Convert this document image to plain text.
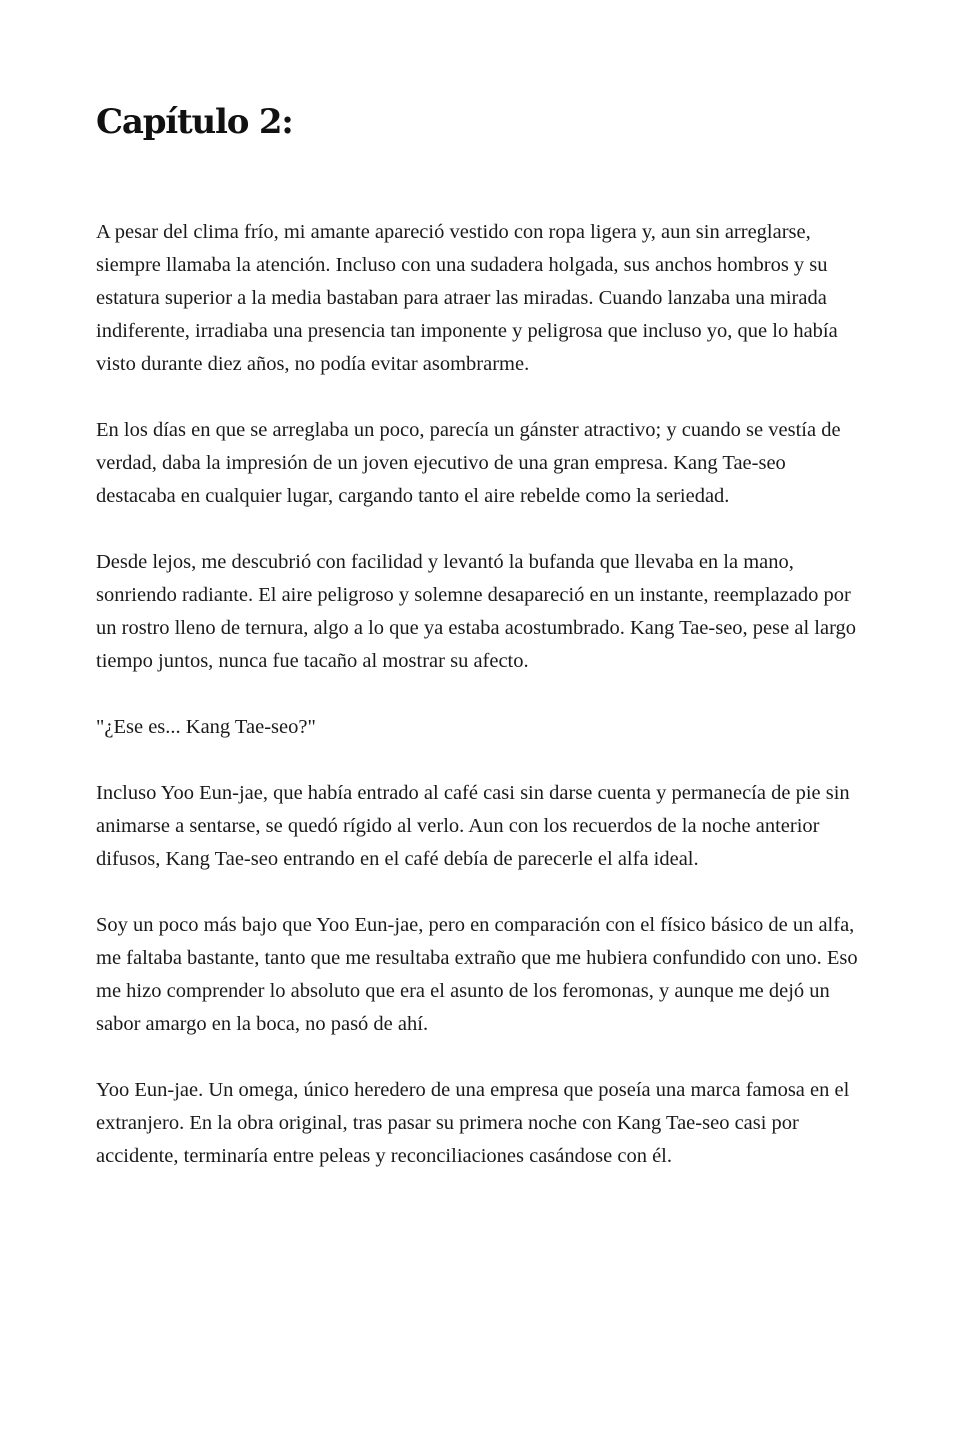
Capítulo 2:

A pesar del clima frío, mi amante apareció vestido con ropa ligera y, aun sin arreglarse, siempre llamaba la atención. Incluso con una sudadera holgada, sus anchos hombros y su estatura superior a la media bastaban para atraer las miradas. Cuando lanzaba una mirada indiferente, irradiaba una presencia tan imponente y peligrosa que incluso yo, que lo había visto durante diez años, no podía evitar asombrarme.

En los días en que se arreglaba un poco, parecía un gánster atractivo; y cuando se vestía de verdad, daba la impresión de un joven ejecutivo de una gran empresa. Kang Tae-seo destacaba en cualquier lugar, cargando tanto el aire rebelde como la seriedad.

Desde lejos, me descubrió con facilidad y levantó la bufanda que llevaba en la mano, sonriendo radiante. El aire peligroso y solemne desapareció en un instante, reemplazado por un rostro lleno de ternura, algo a lo que ya estaba acostumbrado. Kang Tae-seo, pese al largo tiempo juntos, nunca fue tacaño al mostrar su afecto.

"¿Ese es... Kang Tae-seo?"

Incluso Yoo Eun-jae, que había entrado al café casi sin darse cuenta y permanecía de pie sin animarse a sentarse, se quedó rígido al verlo. Aun con los recuerdos de la noche anterior difusos, Kang Tae-seo entrando en el café debía de parecerle el alfa ideal.

Soy un poco más bajo que Yoo Eun-jae, pero en comparación con el físico básico de un alfa, me faltaba bastante, tanto que me resultaba extraño que me hubiera confundido con uno. Eso me hizo comprender lo absoluto que era el asunto de los feromonas, y aunque me dejó un sabor amargo en la boca, no pasó de ahí.

Yoo Eun-jae. Un omega, único heredero de una empresa que poseía una marca famosa en el extranjero. En la obra original, tras pasar su primera noche con Kang Tae-seo casi por accidente, terminaría entre peleas y reconciliaciones casándose con él.
